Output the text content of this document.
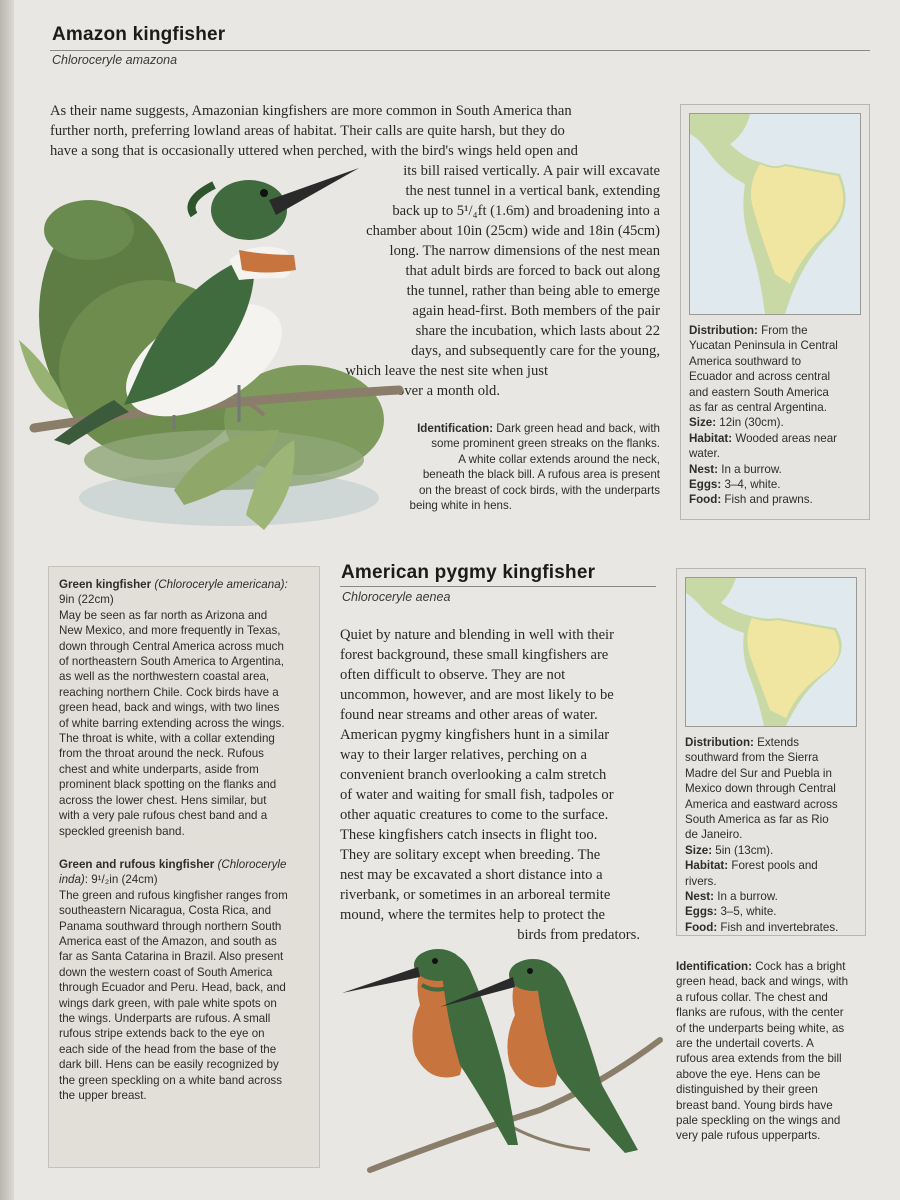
Amazon kingfisher
Chloroceryle amazona
As their name suggests, Amazonian kingfishers are more common in South America than
further north, preferring lowland areas of habitat. Their calls are quite harsh, but they do
have a song that is occasionally uttered when perched, with the bird's wings held open and
its bill raised vertically. A pair will excavate
the nest tunnel in a vertical bank, extending
back up to 5¹/₄ft (1.6m) and broadening into a
chamber about 10in (25cm) wide and 18in (45cm)
long. The narrow dimensions of the nest mean
that adult birds are forced to back out along
the tunnel, rather than being able to emerge
again head-first. Both members of the pair
share the incubation, which lasts about 22
days, and subsequently care for the young,
which leave the nest site when just
over a month old.
Identification: Dark green head and back, with
some prominent green streaks on the flanks.
A white collar extends around the neck,
beneath the black bill. A rufous area is present
on the breast of cock birds, with the underparts
being white in hens.
Distribution: From the
Yucatan Peninsula in Central
America southward to
Ecuador and across central
and eastern South America
as far as central Argentina.
Size: 12in (30cm).
Habitat: Wooded areas near
water.
Nest: In a burrow.
Eggs: 3–4, white.
Food: Fish and prawns.

Green kingfisher (Chloroceryle americana):
9in (22cm)
May be seen as far north as Arizona and
New Mexico, and more frequently in Texas,
down through Central America across much
of northeastern South America to Argentina,
as well as the northwestern coastal area,
reaching northern Chile. Cock birds have a
green head, back and wings, with two lines
of white barring extending across the wings.
The throat is white, with a collar extending
from the throat around the neck. Rufous
chest and white underparts, aside from
prominent black spotting on the flanks and
across the lower chest. Hens similar, but
with a very pale rufous chest band and a
speckled greenish band.

Green and rufous kingfisher (Chloroceryle
inda): 9¹/₂in (24cm)
The green and rufous kingfisher ranges from
southeastern Nicaragua, Costa Rica, and
Panama southward through northern South
America east of the Amazon, and south as
far as Santa Catarina in Brazil. Also present
down the western coast of South America
through Ecuador and Peru. Head, back, and
wings dark green, with pale white spots on
the wings. Underparts are rufous. A small
rufous stripe extends back to the eye on
each side of the head from the base of the
dark bill. Hens can be easily recognized by
the green speckling on a white band across
the upper breast.

American pygmy kingfisher
Chloroceryle aenea
Quiet by nature and blending in well with their
forest background, these small kingfishers are
often difficult to observe. They are not
uncommon, however, and are most likely to be
found near streams and other areas of water.
American pygmy kingfishers hunt in a similar
way to their larger relatives, perching on a
convenient branch overlooking a calm stretch
of water and waiting for small fish, tadpoles or
other aquatic creatures to come to the surface.
These kingfishers catch insects in flight too.
They are solitary except when breeding. The
nest may be excavated a short distance into a
riverbank, or sometimes in an arboreal termite
mound, where the termites help to protect the
birds from predators.
Distribution: Extends
southward from the Sierra
Madre del Sur and Puebla in
Mexico down through Central
America and eastward across
South America as far as Rio
de Janeiro.
Size: 5in (13cm).
Habitat: Forest pools and
rivers.
Nest: In a burrow.
Eggs: 3–5, white.
Food: Fish and invertebrates.
Identification: Cock has a bright
green head, back and wings, with
a rufous collar. The chest and
flanks are rufous, with the center
of the underparts being white, as
are the undertail coverts. A
rufous area extends from the bill
above the eye. Hens can be
distinguished by their green
breast band. Young birds have
pale speckling on the wings and
very pale rufous upperparts.
